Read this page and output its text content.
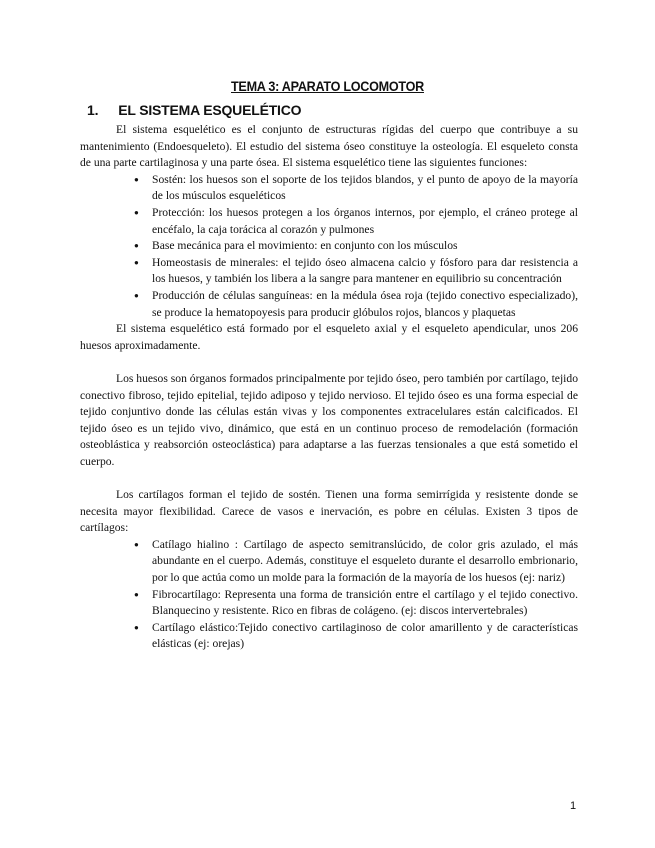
TEMA 3: APARATO LOCOMOTOR
1. EL SISTEMA ESQUELÉTICO

El sistema esquelético es el conjunto de estructuras rígidas del cuerpo que contribuye a su mantenimiento (Endoesqueleto). El estudio del sistema óseo constituye la osteología. El esqueleto consta de una parte cartilaginosa y una parte ósea. El sistema esquelético tiene las siguientes funciones:

● Sostén: los huesos son el soporte de los tejidos blandos, y el punto de apoyo de la mayoría de los músculos esqueléticos
● Protección: los huesos protegen a los órganos internos, por ejemplo, el cráneo protege al encéfalo, la caja torácica al corazón y pulmones
● Base mecánica para el movimiento: en conjunto con los músculos
● Homeostasis de minerales: el tejido óseo almacena calcio y fósforo para dar resistencia a los huesos, y también los libera a la sangre para mantener en equilibrio su concentración
● Producción de células sanguíneas: en la médula ósea roja (tejido conectivo especializado), se produce la hematopoyesis para producir glóbulos rojos, blancos y plaquetas

El sistema esquelético está formado por el esqueleto axial y el esqueleto apendicular, unos 206 huesos aproximadamente.

Los huesos son órganos formados principalmente por tejido óseo, pero también por cartílago, tejido conectivo fibroso, tejido epitelial, tejido adiposo y tejido nervioso. El tejido óseo es una forma especial de tejido conjuntivo donde las células están vivas y los componentes extracelulares están calcificados. El tejido óseo es un tejido vivo, dinámico, que está en un continuo proceso de remodelación (formación osteoblástica y reabsorción osteoclástica) para adaptarse a las fuerzas tensionales a que está sometido el cuerpo.

Los cartílagos forman el tejido de sostén. Tienen una forma semirrígida y resistente donde se necesita mayor flexibilidad. Carece de vasos e inervación, es pobre en células. Existen 3 tipos de cartílagos:

● Catílago hialino : Cartílago de aspecto semitranslúcido, de color gris azulado, el más abundante en el cuerpo. Además, constituye el esqueleto durante el desarrollo embrionario, por lo que actúa como un molde para la formación de la mayoría de los huesos (ej: nariz)
● Fibrocartílago: Representa una forma de transición entre el cartílago y el tejido conectivo. Blanquecino y resistente. Rico en fibras de colágeno. (ej: discos intervertebrales)
● Cartílago elástico:Tejido conectivo cartilaginoso de color amarillento y de características elásticas (ej: orejas)
1
